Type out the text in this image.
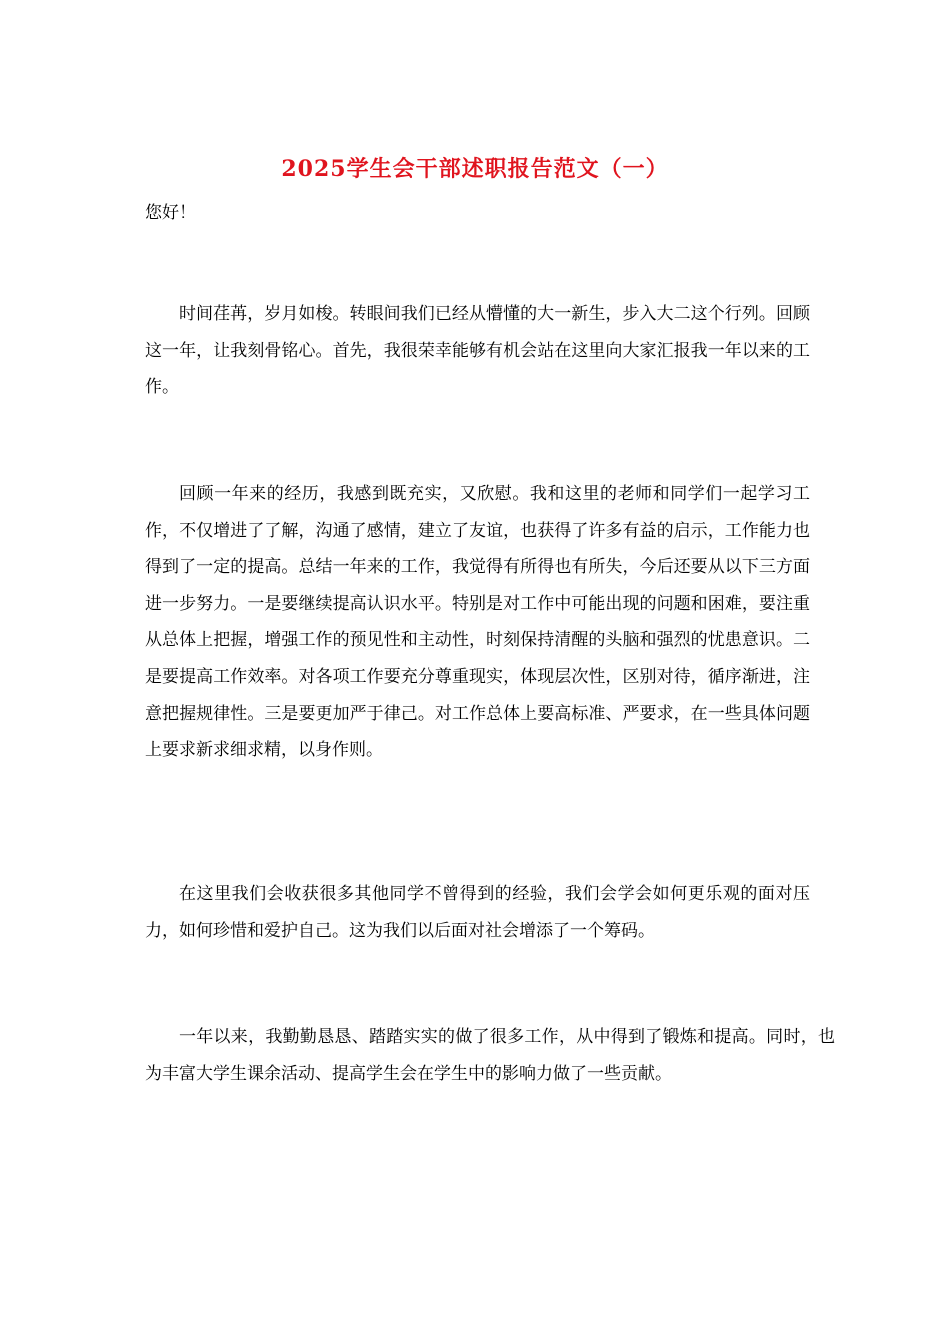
2025学生会干部述职报告范文（一）
您好！

时间荏苒，岁月如梭。转眼间我们已经从懵懂的大一新生，步入大二这个行列。回顾这一年，让我刻骨铭心。首先，我很荣幸能够有机会站在这里向大家汇报我一年以来的工作。

回顾一年来的经历，我感到既充实，又欣慰。我和这里的老师和同学们一起学习工作，不仅增进了了解，沟通了感情，建立了友谊，也获得了许多有益的启示，工作能力也得到了一定的提高。总结一年来的工作，我觉得有所得也有所失，今后还要从以下三方面进一步努力。一是要继续提高认识水平。特别是对工作中可能出现的问题和困难，要注重从总体上把握，增强工作的预见性和主动性，时刻保持清醒的头脑和强烈的忧患意识。二是要提高工作效率。对各项工作要充分尊重现实，体现层次性，区别对待，循序渐进，注意把握规律性。三是要更加严于律己。对工作总体上要高标准、严要求，在一些具体问题上要求新求细求精，以身作则。

在这里我们会收获很多其他同学不曾得到的经验，我们会学会如何更乐观的面对压力，如何珍惜和爱护自己。这为我们以后面对社会增添了一个筹码。

一年以来，我勤勤恳恳、踏踏实实的做了很多工作，从中得到了锻炼和提高。同时，也为丰富大学生课余活动、提高学生会在学生中的影响力做了一些贡献。
